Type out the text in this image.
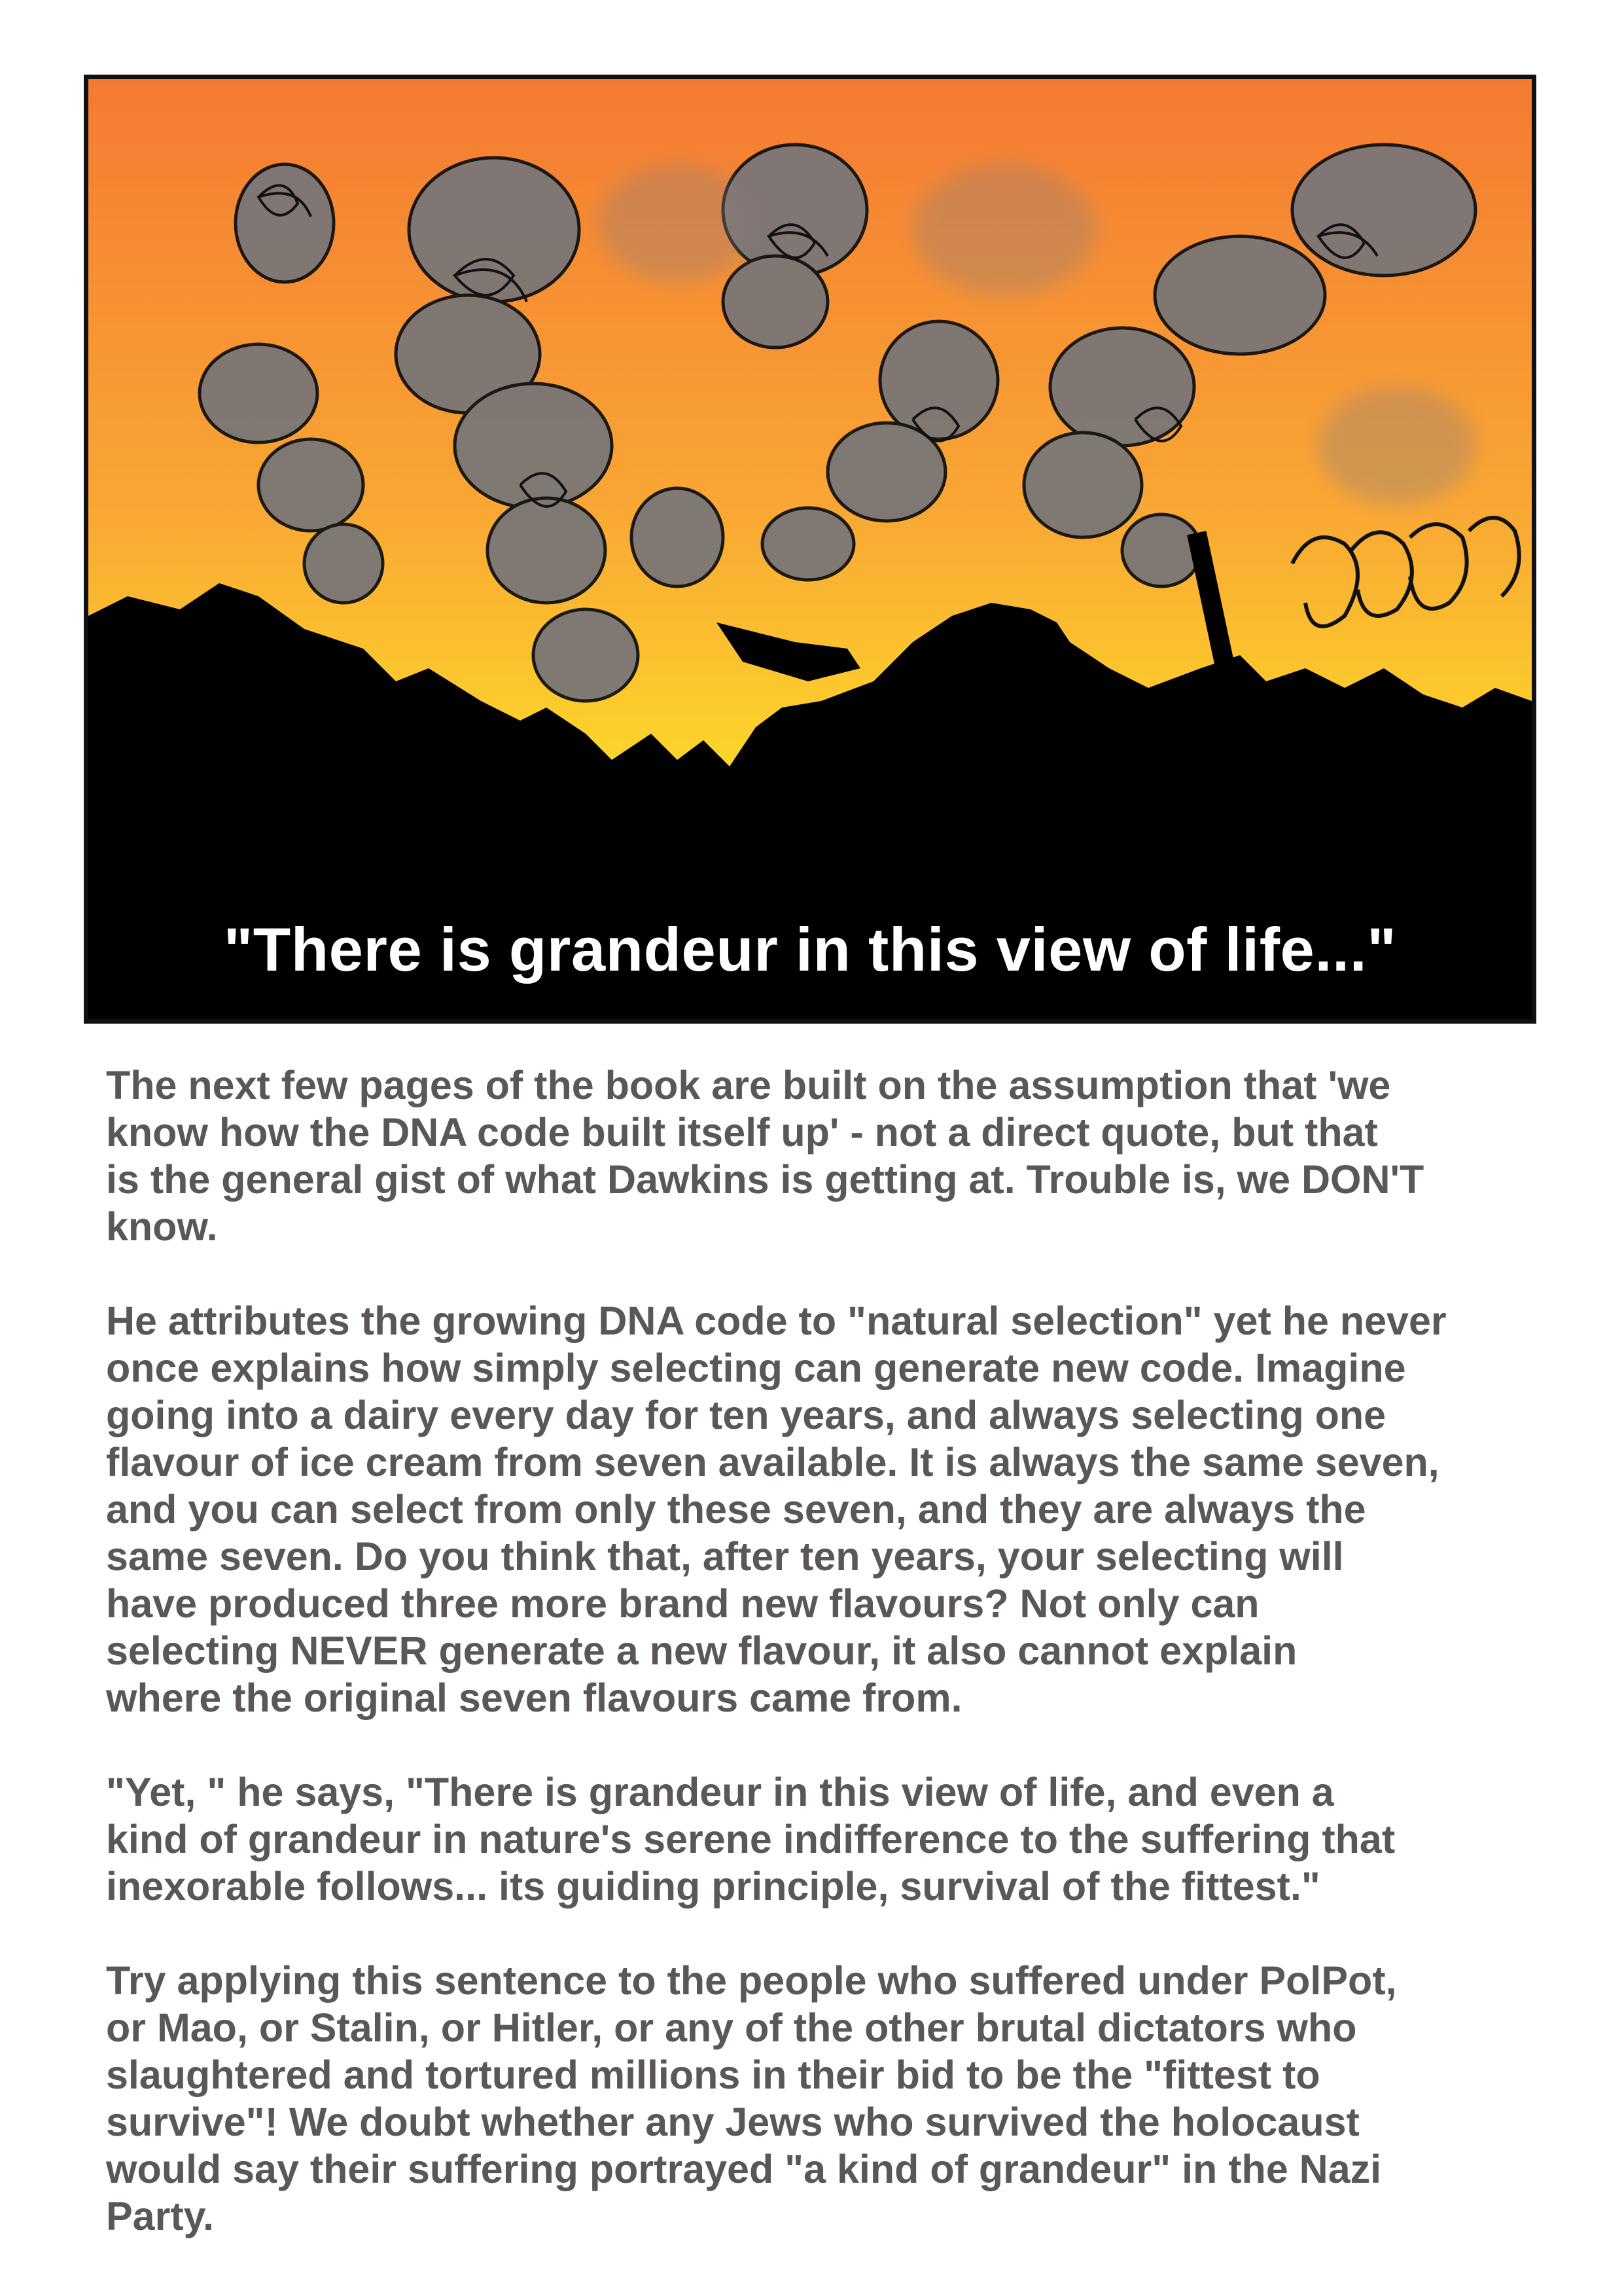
"There is grandeur in this view of life..."

The next few pages of the book are built on the assumption that 'we
know how the DNA code built itself up' - not a direct quote, but that
is the general gist of what Dawkins is getting at. Trouble is, we DON'T
know.

He attributes the growing DNA code to "natural selection" yet he never
once explains how simply selecting can generate new code. Imagine
going into a dairy every day for ten years, and always selecting one
flavour of ice cream from seven available. It is always the same seven,
and you can select from only these seven, and they are always the
same seven. Do you think that, after ten years, your selecting will
have produced three more brand new flavours? Not only can
selecting NEVER generate a new flavour, it also cannot explain
where the original seven flavours came from.

"Yet, " he says, "There is grandeur in this view of life, and even a
kind of grandeur in nature's serene indifference to the suffering that
inexorable follows... its guiding principle, survival of the fittest."

Try applying this sentence to the people who suffered under PolPot,
or Mao, or Stalin, or Hitler, or any of the other brutal dictators who
slaughtered and tortured millions in their bid to be the "fittest to
survive"! We doubt whether any Jews who survived the holocaust
would say their suffering portrayed "a kind of grandeur" in the Nazi
Party.
